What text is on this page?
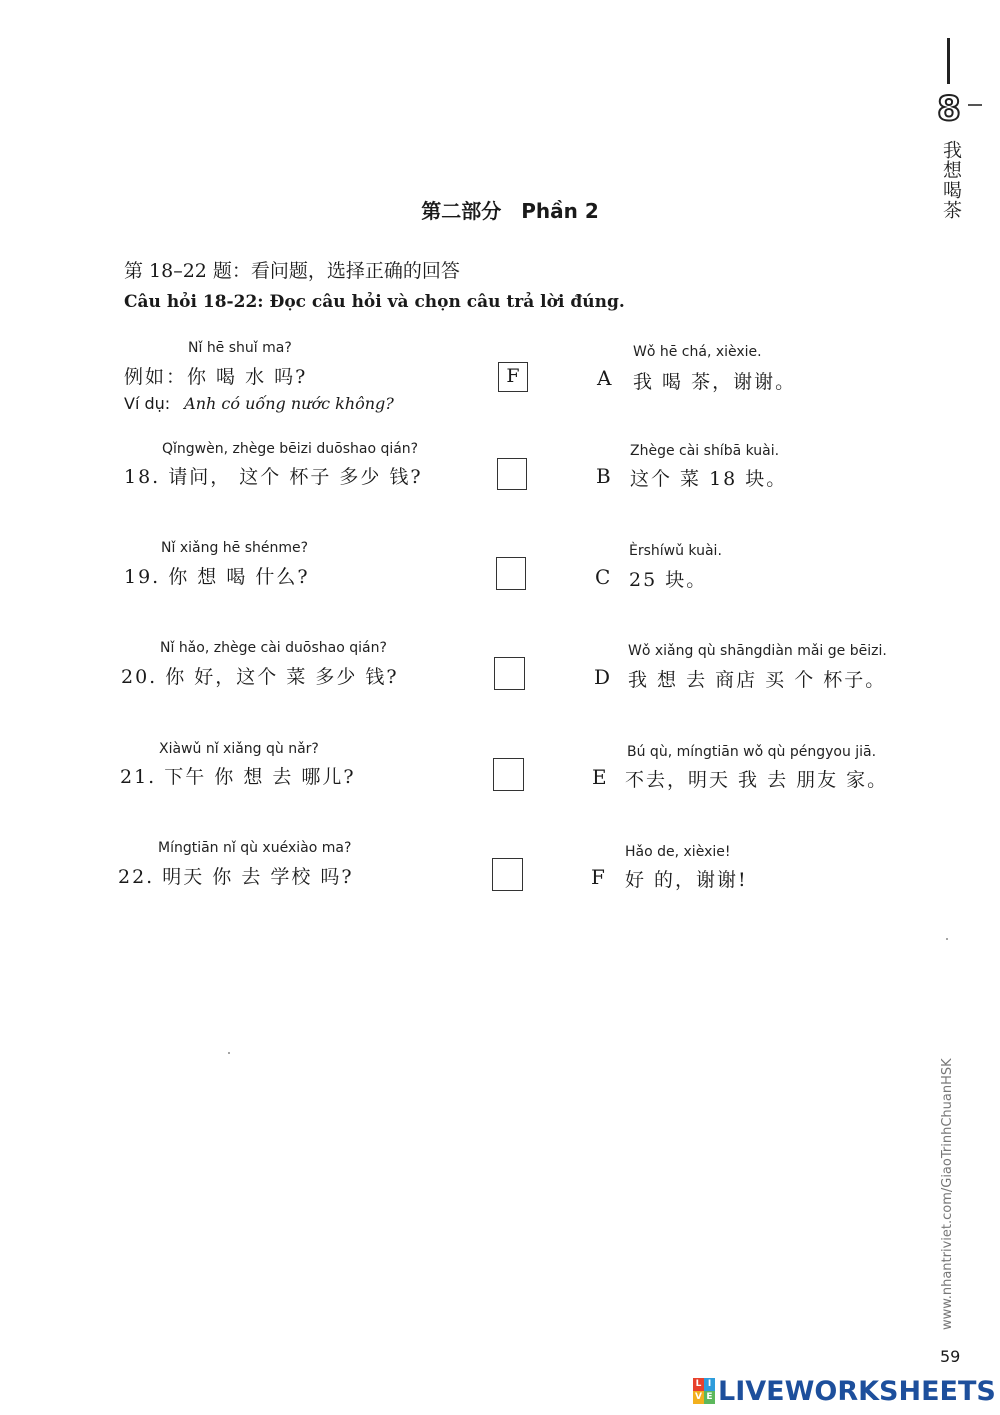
8
我想喝茶
第二部分　Phần 2
第 18–22 题：看问题，选择正确的回答
Câu hỏi 18-22: Đọc câu hỏi và chọn câu trả lời đúng.
Nǐ hē shuǐ ma?
例如：你 喝 水 吗?	F
Ví dụ: Anh có uống nước không?
Qǐngwèn, zhège bēizi duōshao qián?
18. 请问， 这个 杯子 多少 钱?
Nǐ xiǎng hē shénme?
19. 你 想 喝 什么?
Nǐ hǎo, zhège cài duōshao qián?
20. 你 好，这个 菜 多少 钱?
Xiàwǔ nǐ xiǎng qù nǎr?
21. 下午 你 想 去 哪儿?
Míngtiān nǐ qù xuéxiào ma?
22. 明天 你 去 学校 吗?
Wǒ hē chá, xièxie.
A 我 喝 茶，谢谢。
Zhège cài shíbā kuài.
B 这个 菜 18 块。
Èrshíwǔ kuài.
C 25 块。
Wǒ xiǎng qù shāngdiàn mǎi ge bēizi.
D 我 想 去 商店 买 个 杯子。
Bú qù, míngtiān wǒ qù péngyou jiā.
E 不去，明天 我 去 朋友 家。
Hǎo de, xièxie!
F 好 的，谢谢!
www.nhantriviet.com/GiaoTrinhChuanHSK
59
L I
V E LIVEWORKSHEETS
